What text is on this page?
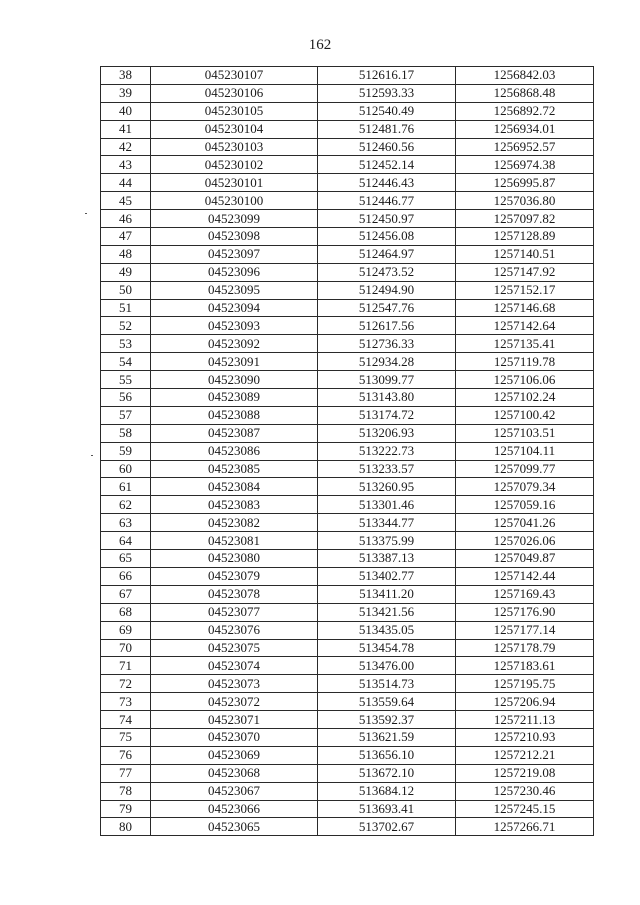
162
38	045230107	512616.17	1256842.03
39	045230106	512593.33	1256868.48
40	045230105	512540.49	1256892.72
41	045230104	512481.76	1256934.01
42	045230103	512460.56	1256952.57
43	045230102	512452.14	1256974.38
44	045230101	512446.43	1256995.87
45	045230100	512446.77	1257036.80
46	04523099	512450.97	1257097.82
47	04523098	512456.08	1257128.89
48	04523097	512464.97	1257140.51
49	04523096	512473.52	1257147.92
50	04523095	512494.90	1257152.17
51	04523094	512547.76	1257146.68
52	04523093	512617.56	1257142.64
53	04523092	512736.33	1257135.41
54	04523091	512934.28	1257119.78
55	04523090	513099.77	1257106.06
56	04523089	513143.80	1257102.24
57	04523088	513174.72	1257100.42
58	04523087	513206.93	1257103.51
59	04523086	513222.73	1257104.11
60	04523085	513233.57	1257099.77
61	04523084	513260.95	1257079.34
62	04523083	513301.46	1257059.16
63	04523082	513344.77	1257041.26
64	04523081	513375.99	1257026.06
65	04523080	513387.13	1257049.87
66	04523079	513402.77	1257142.44
67	04523078	513411.20	1257169.43
68	04523077	513421.56	1257176.90
69	04523076	513435.05	1257177.14
70	04523075	513454.78	1257178.79
71	04523074	513476.00	1257183.61
72	04523073	513514.73	1257195.75
73	04523072	513559.64	1257206.94
74	04523071	513592.37	1257211.13
75	04523070	513621.59	1257210.93
76	04523069	513656.10	1257212.21
77	04523068	513672.10	1257219.08
78	04523067	513684.12	1257230.46
79	04523066	513693.41	1257245.15
80	04523065	513702.67	1257266.71
